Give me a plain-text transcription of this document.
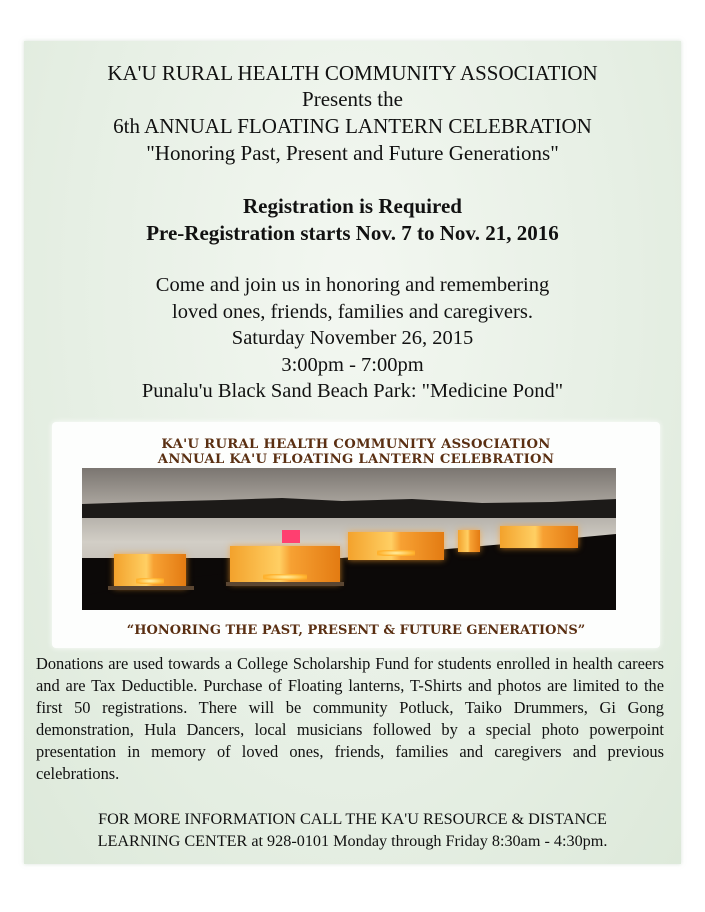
KA'U RURAL HEALTH COMMUNITY ASSOCIATION
Presents the
6th ANNUAL FLOATING LANTERN CELEBRATION
"Honoring Past, Present and Future Generations"
Registration is Required
Pre-Registration starts Nov. 7 to Nov. 21, 2016
Come and join us in honoring and remembering
loved ones, friends, families and caregivers.
Saturday November 26, 2015
3:00pm - 7:00pm
Punalu'u Black Sand Beach Park: "Medicine Pond"
KA'U RURAL HEALTH COMMUNITY ASSOCIATION
ANNUAL KA'U FLOATING LANTERN CELEBRATION
“HONORING THE PAST, PRESENT & FUTURE GENERATIONS”

Donations are used towards a College Scholarship Fund for students enrolled in health careers and are Tax Deductible. Purchase of Floating lanterns, T-Shirts and photos are limited to the first 50 registrations. There will be community Potluck, Taiko Drummers, Gi Gong demonstration, Hula Dancers, local musicians followed by a special photo powerpoint presentation in memory of loved ones, friends, families and caregivers and previous celebrations.

FOR MORE INFORMATION CALL THE KA'U RESOURCE & DISTANCE
LEARNING CENTER at 928-0101 Monday through Friday 8:30am - 4:30pm.
